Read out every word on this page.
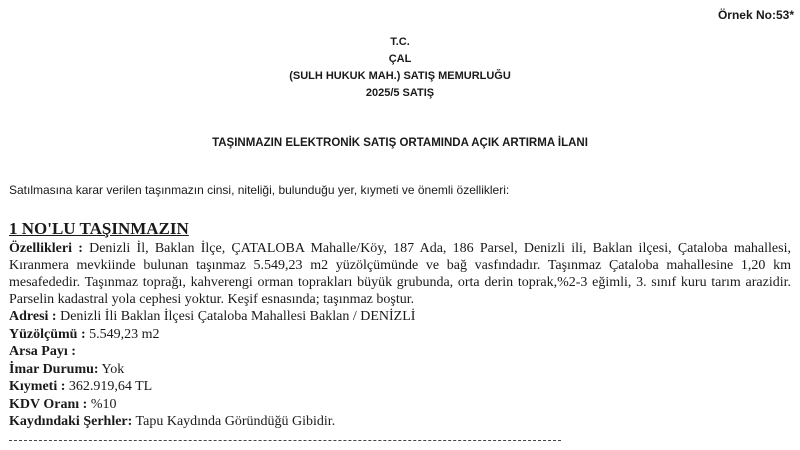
Örnek No:53*
T.C.
ÇAL
(SULH HUKUK MAH.) SATIŞ MEMURLUĞU
2025/5 SATIŞ
TAŞINMAZIN ELEKTRONİK SATIŞ ORTAMINDA AÇIK ARTIRMA İLANI
Satılmasına karar verilen taşınmazın cinsi, niteliği, bulunduğu yer, kıymeti ve önemli özellikleri:
1 NO'LU TAŞINMAZIN

Özellikleri : Denizli İl, Baklan İlçe, ÇATALOBA Mahalle/Köy, 187 Ada, 186 Parsel, Denizli ili, Baklan ilçesi, Çataloba mahallesi, Kıranmera mevkiinde bulunan taşınmaz 5.549,23 m2 yüzölçümünde ve bağ vasfındadır. Taşınmaz Çataloba mahallesine 1,20 km mesafededir. Taşınmaz toprağı, kahverengi orman toprakları büyük grubunda, orta derin toprak,%2-3 eğimli, 3. sınıf kuru tarım arazidir. Parselin kadastral yola cephesi yoktur. Keşif esnasında; taşınmaz boştur.

Adresi : Denizli İli Baklan İlçesi Çataloba Mahallesi Baklan / DENİZLİ

Yüzölçümü : 5.549,23 m2

Arsa Payı :

İmar Durumu: Yok

Kıymeti : 362.919,64 TL

KDV Oranı : %10

Kaydındaki Şerhler: Tapu Kaydında Göründüğü Gibidir.
